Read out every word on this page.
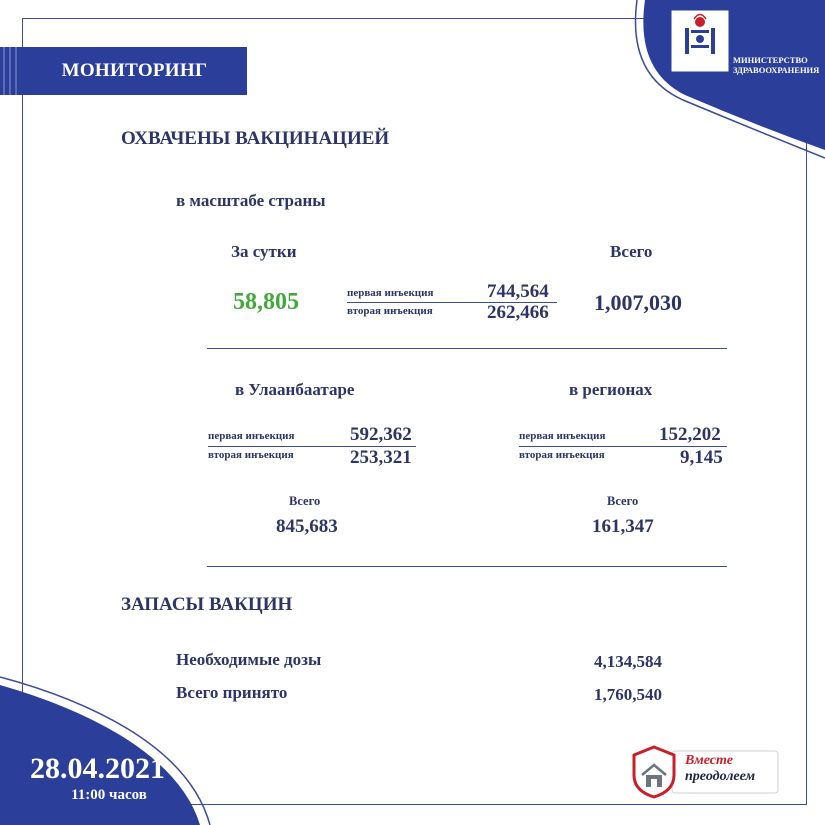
МОНИТОРИНГ	ПРАВИТЕЛЬСТВО МОНГОЛИИ
МИНИСТЕРСТВО
ЗДРАВООХРАНЕНИЯ
ОХВАЧЕНЫ ВАКЦИНАЦИЕЙ
в масштабе страны
За сутки
58,805	первая инъекция	744,564
вторая инъекция	262,466
Всего
1,007,030
в Улаанбаатаре
первая инъекция	592,362
вторая инъекция	253,321
Всего
845,683
в регионах
первая инъекция	152,202
вторая инъекция	9,145
Всего
161,347
ЗАПАСЫ ВАКЦИН
Необходимые дозы	4,134,584
Всего принято	1,760,540
28.04.2021
11:00 часов
Вместе
преодолеем
